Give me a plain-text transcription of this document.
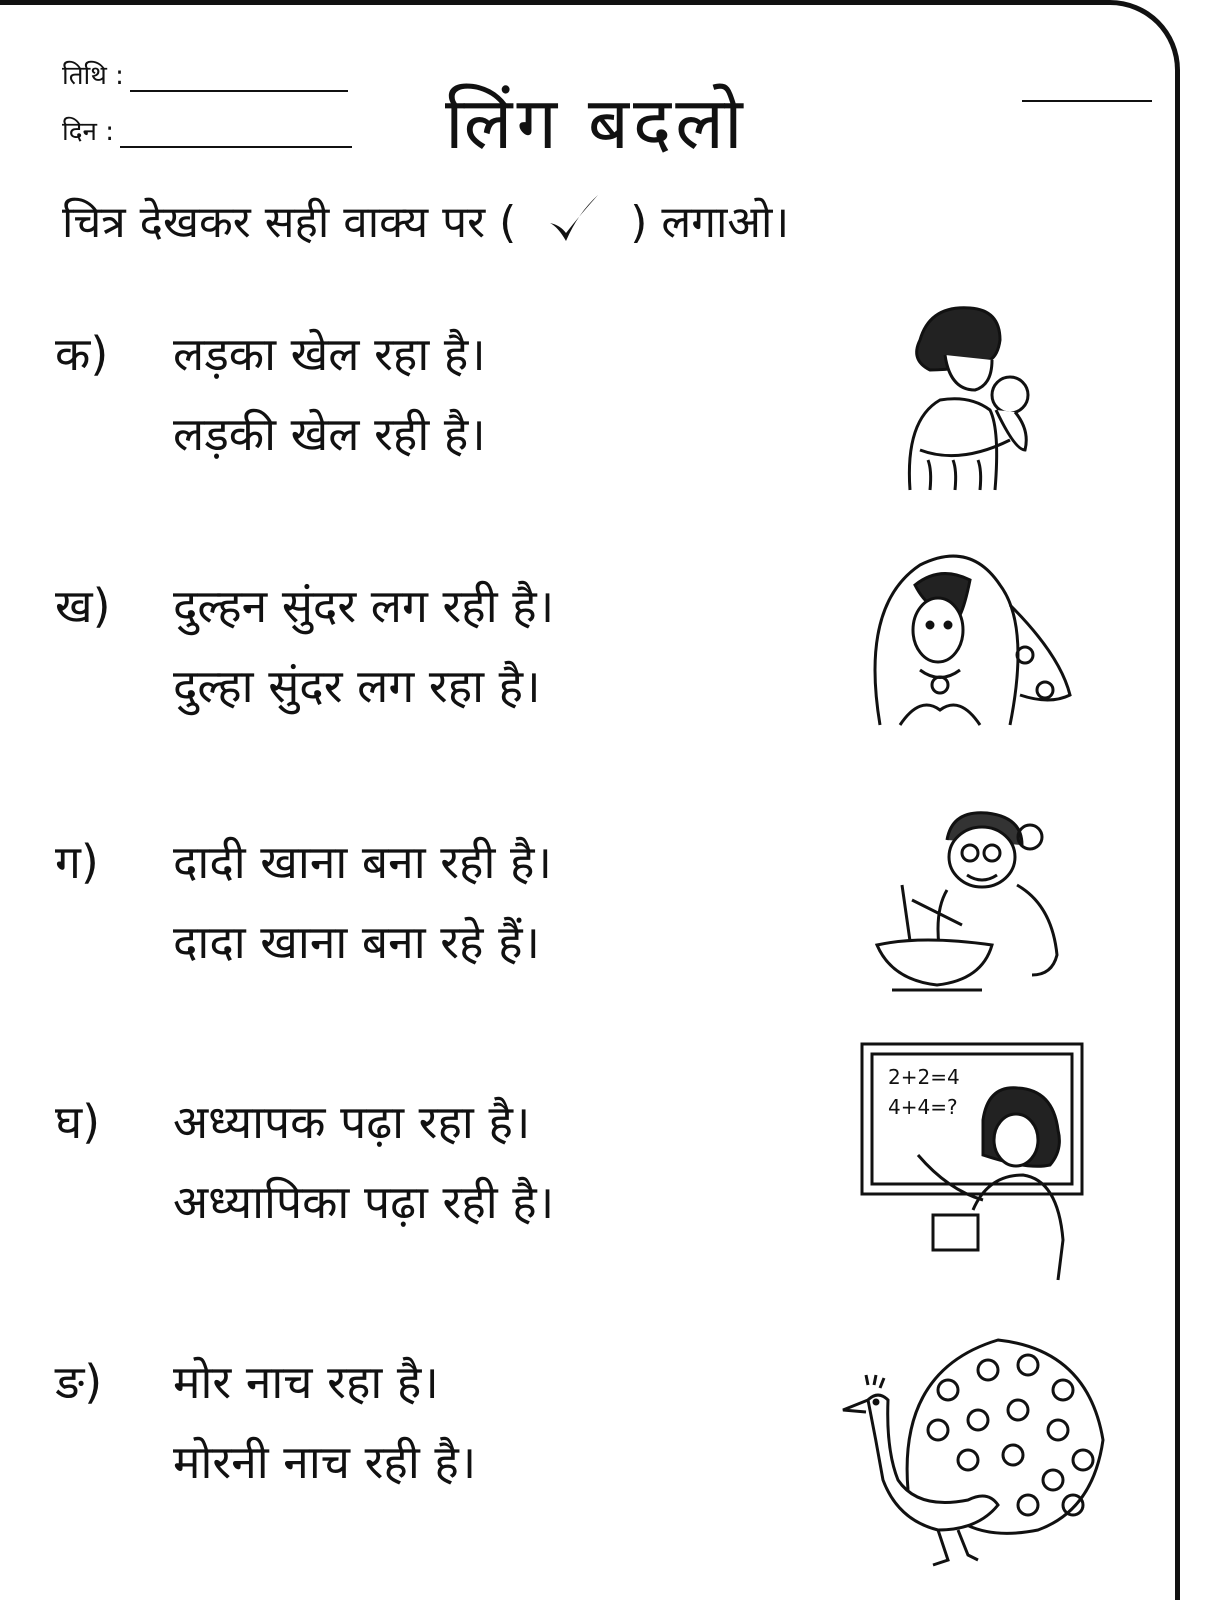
तिथि :
दिन :	लिंग बदलो
चित्र देखकर सही वाक्य पर (	) लगाओ।
क) लड़का खेल रहा है।
लड़की खेल रही है।
ख) दुल्हन सुंदर लग रही है।
दुल्हा सुंदर लग रहा है।
ग) दादी खाना बना रही है।
दादा खाना बना रहे हैं।
घ) अध्यापक पढ़ा रहा है।
अध्यापिका पढ़ा रही है।
2+2=4
4+4=?
ङ) मोर नाच रहा है।
मोरनी नाच रही है।
